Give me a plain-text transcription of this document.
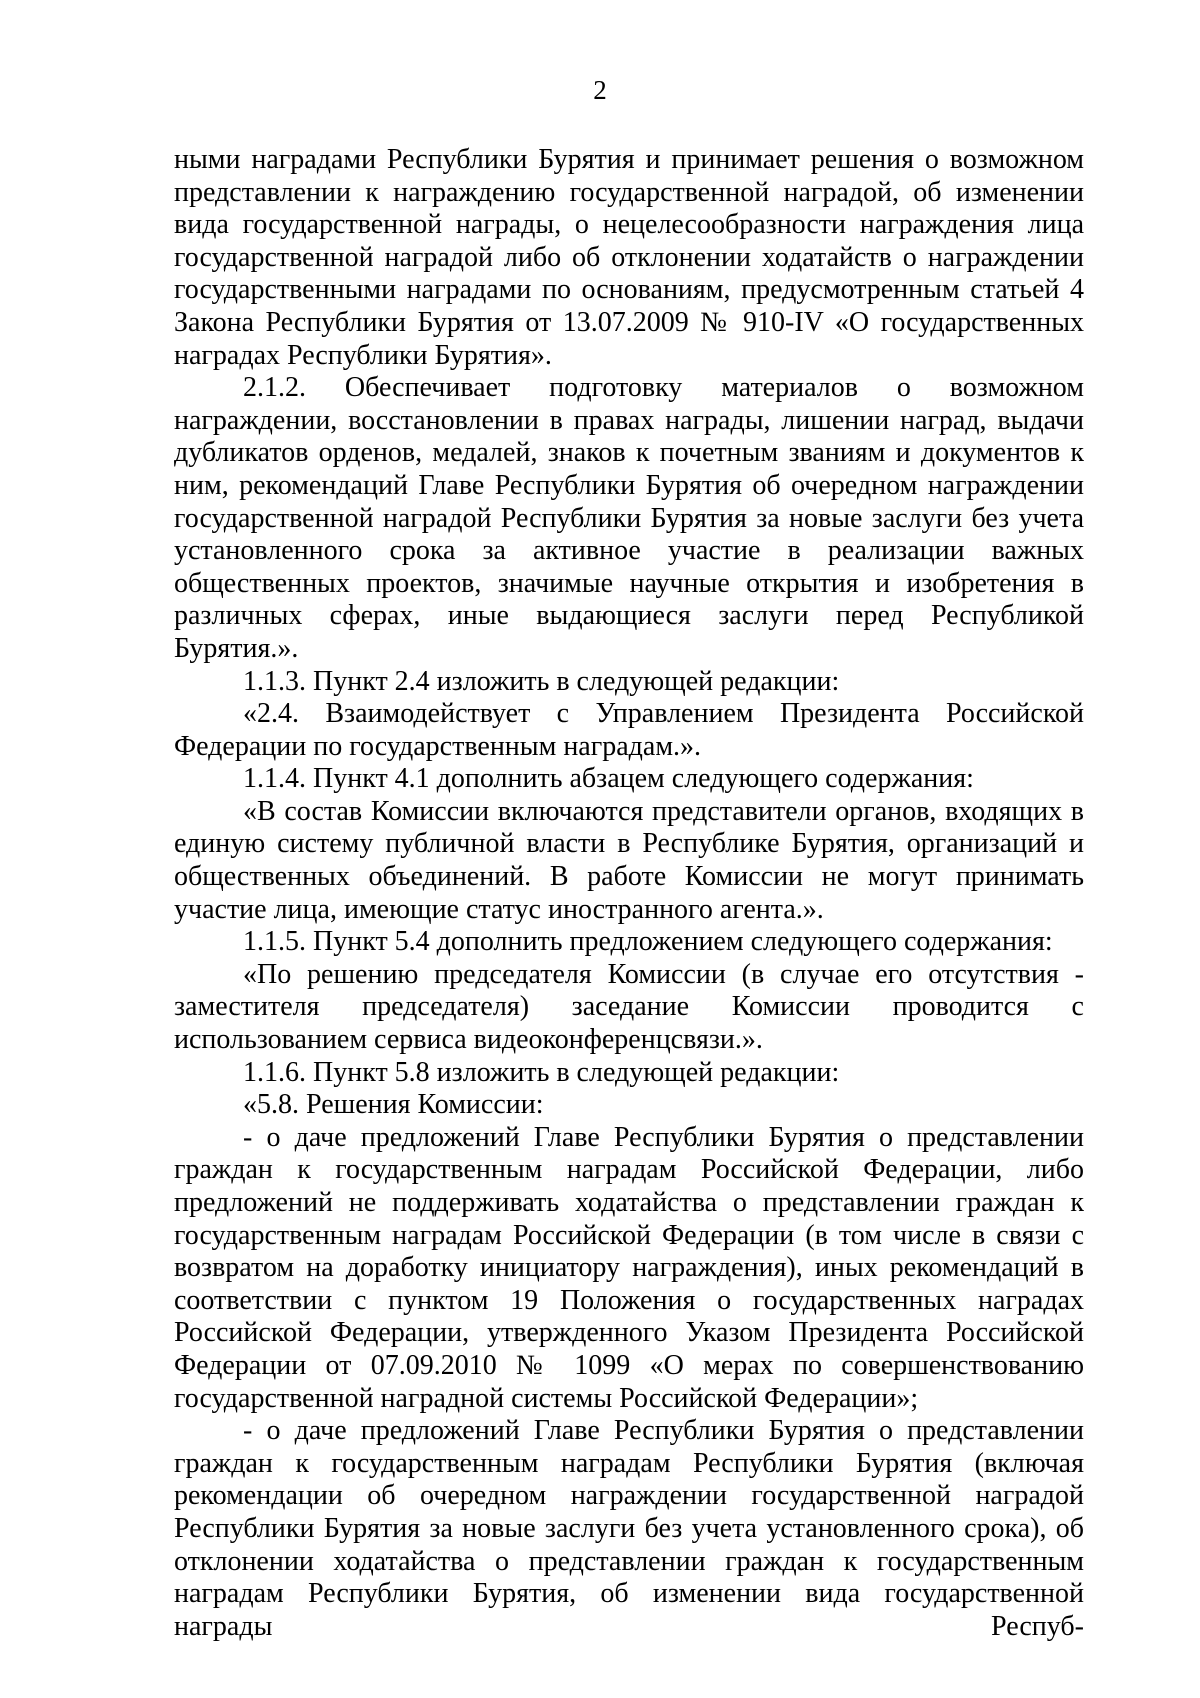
2

ными наградами Республики Бурятия и принимает решения о возможном представлении к награждению государственной наградой, об изменении вида государственной награды, о нецелесообразности награждения лица государственной наградой либо об отклонении ходатайств о награждении государственными наградами по основаниям, предусмотренным статьей 4 Закона Республики Бурятия от 13.07.2009 № 910-IV «О государственных наградах Республики Бурятия».

2.1.2. Обеспечивает подготовку материалов о возможном награждении, восстановлении в правах награды, лишении наград, выдачи дубликатов орденов, медалей, знаков к почетным званиям и документов к ним, рекомендаций Главе Республики Бурятия об очередном награждении государственной наградой Республики Бурятия за новые заслуги без учета установленного срока за активное участие в реализации важных общественных проектов, значимые научные открытия и изобретения в различных сферах, иные выдающиеся заслуги перед Республикой Бурятия.».

1.1.3. Пункт 2.4 изложить в следующей редакции:

«2.4. Взаимодействует с Управлением Президента Российской Федерации по государственным наградам.».

1.1.4. Пункт 4.1 дополнить абзацем следующего содержания:

«В состав Комиссии включаются представители органов, входящих в единую систему публичной власти в Республике Бурятия, организаций и общественных объединений. В работе Комиссии не могут принимать участие лица, имеющие статус иностранного агента.».

1.1.5. Пункт 5.4 дополнить предложением следующего содержания:

«По решению председателя Комиссии (в случае его отсутствия - заместителя председателя) заседание Комиссии проводится с использованием сервиса видеоконференцсвязи.».

1.1.6. Пункт 5.8 изложить в следующей редакции:

«5.8. Решения Комиссии:

- о даче предложений Главе Республики Бурятия о представлении граждан к государственным наградам Российской Федерации, либо предложений не поддерживать ходатайства о представлении граждан к государственным наградам Российской Федерации (в том числе в связи с возвратом на доработку инициатору награждения), иных рекомендаций в соответствии с пунктом 19 Положения о государственных наградах Российской Федерации, утвержденного Указом Президента Российской Федерации от 07.09.2010 № 1099 «О мерах по совершенствованию государственной наградной системы Российской Федерации»;

- о даче предложений Главе Республики Бурятия о представлении граждан к государственным наградам Республики Бурятия (включая рекомендации об очередном награждении государственной наградой Республики Бурятия за новые заслуги без учета установленного срока), об отклонении ходатайства о представлении граждан к государственным наградам Республики Бурятия, об изменении вида государственной награды Респуб-
